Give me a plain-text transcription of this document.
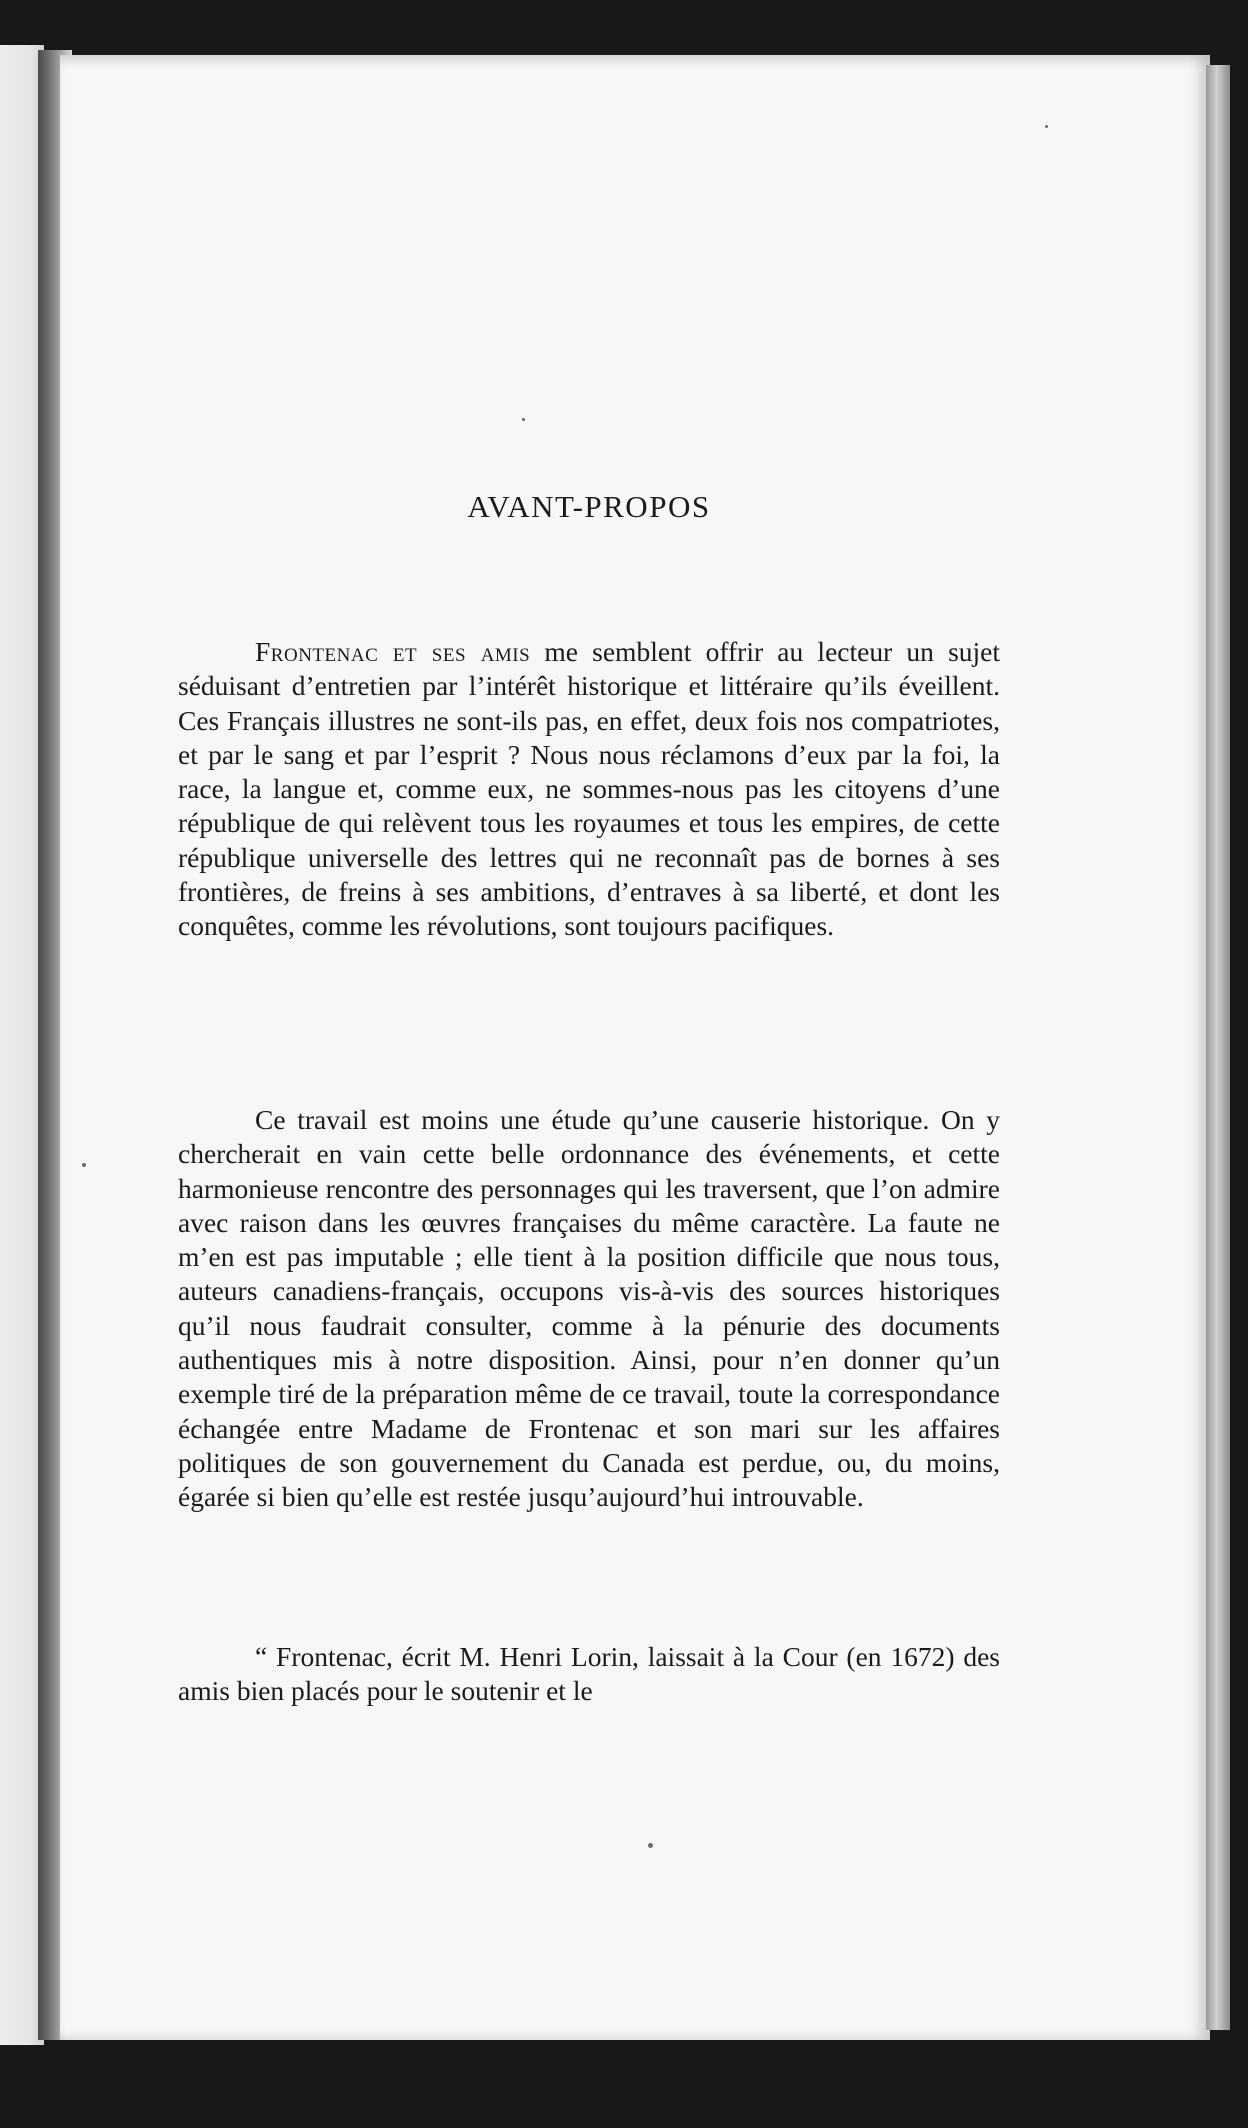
AVANT-PROPOS

Frontenac et ses amis me semblent offrir au lecteur un sujet séduisant d’entretien par l’intérêt historique et littéraire qu’ils éveillent. Ces Français illustres ne sont-ils pas, en effet, deux fois nos compatriotes, et par le sang et par l’esprit ? Nous nous réclamons d’eux par la foi, la race, la langue et, comme eux, ne sommes-nous pas les citoyens d’une république de qui relèvent tous les royaumes et tous les empires, de cette république universelle des lettres qui ne reconnaît pas de bornes à ses frontières, de freins à ses ambitions, d’entraves à sa liberté, et dont les conquêtes, comme les révolutions, sont toujours pacifiques.

Ce travail est moins une étude qu’une causerie historique. On y chercherait en vain cette belle ordonnance des événements, et cette harmonieuse rencontre des personnages qui les traversent, que l’on admire avec raison dans les œuvres françaises du même caractère. La faute ne m’en est pas imputable ; elle tient à la position difficile que nous tous, auteurs canadiens-français, occupons vis-à-vis des sources historiques qu’il nous faudrait consulter, comme à la pénurie des documents authentiques mis à notre disposition. Ainsi, pour n’en donner qu’un exemple tiré de la préparation même de ce travail, toute la correspondance échangée entre Madame de Frontenac et son mari sur les affaires politiques de son gouvernement du Canada est perdue, ou, du moins, égarée si bien qu’elle est restée jusqu’aujourd’hui introuvable.

“ Frontenac, écrit M. Henri Lorin, laissait à la Cour (en 1672) des amis bien placés pour le soutenir et le
